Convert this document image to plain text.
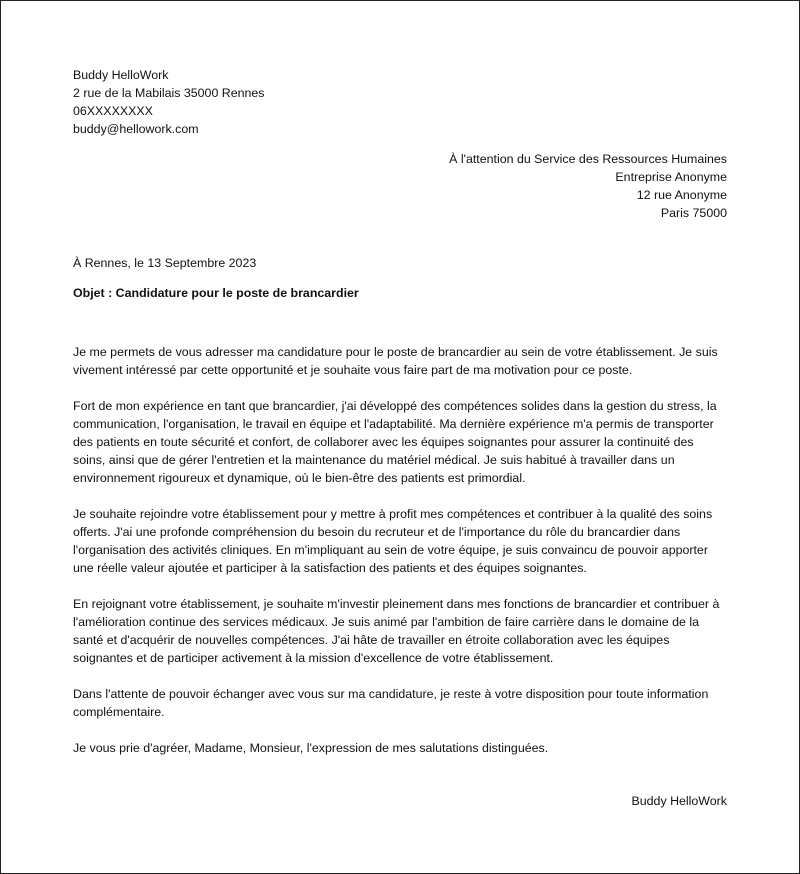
Buddy HelloWork
2 rue de la Mabilais 35000 Rennes
06XXXXXXXX
buddy@hellowork.com
À l'attention du Service des Ressources Humaines
Entreprise Anonyme
12 rue Anonyme
Paris 75000
À Rennes, le 13 Septembre 2023
Objet : Candidature pour le poste de brancardier

Je me permets de vous adresser ma candidature pour le poste de brancardier au sein de votre établissement. Je suis vivement intéressé par cette opportunité et je souhaite vous faire part de ma motivation pour ce poste.

Fort de mon expérience en tant que brancardier, j'ai développé des compétences solides dans la gestion du stress, la communication, l'organisation, le travail en équipe et l'adaptabilité. Ma dernière expérience m'a permis de transporter des patients en toute sécurité et confort, de collaborer avec les équipes soignantes pour assurer la continuité des soins, ainsi que de gérer l'entretien et la maintenance du matériel médical. Je suis habitué à travailler dans un environnement rigoureux et dynamique, où le bien-être des patients est primordial.

Je souhaite rejoindre votre établissement pour y mettre à profit mes compétences et contribuer à la qualité des soins offerts. J'ai une profonde compréhension du besoin du recruteur et de l'importance du rôle du brancardier dans l'organisation des activités cliniques. En m'impliquant au sein de votre équipe, je suis convaincu de pouvoir apporter une réelle valeur ajoutée et participer à la satisfaction des patients et des équipes soignantes.

En rejoignant votre établissement, je souhaite m'investir pleinement dans mes fonctions de brancardier et contribuer à l'amélioration continue des services médicaux. Je suis animé par l'ambition de faire carrière dans le domaine de la santé et d'acquérir de nouvelles compétences. J'ai hâte de travailler en étroite collaboration avec les équipes soignantes et de participer activement à la mission d'excellence de votre établissement.

Dans l'attente de pouvoir échanger avec vous sur ma candidature, je reste à votre disposition pour toute information complémentaire.

Je vous prie d'agréer, Madame, Monsieur, l'expression de mes salutations distinguées.

Buddy HelloWork
